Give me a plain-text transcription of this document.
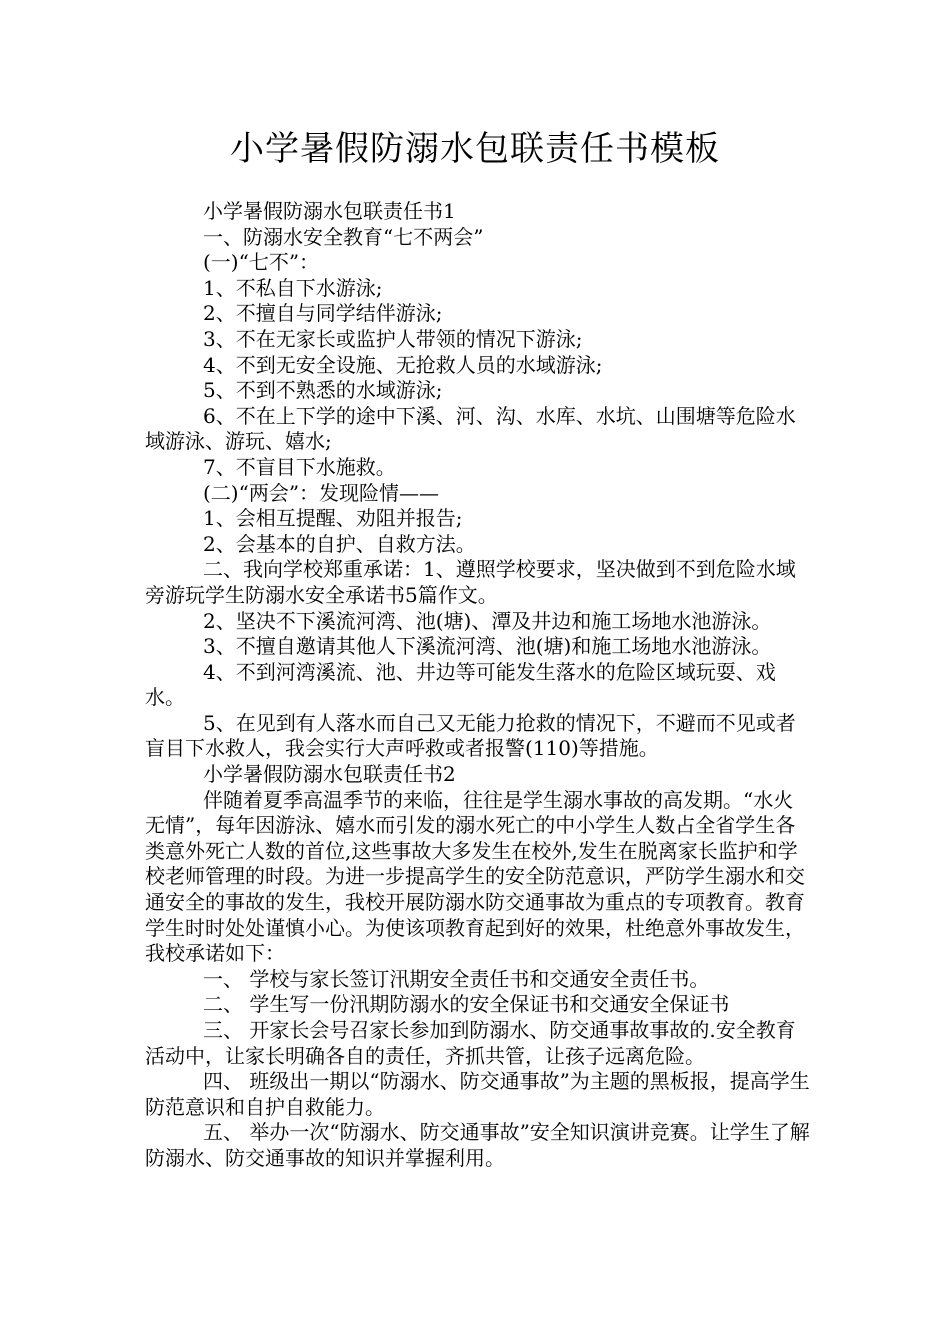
小学暑假防溺水包联责任书模板

小学暑假防溺水包联责任书1

一、防溺水安全教育“七不两会”

(一)“七不”：

1、不私自下水游泳;

2、不擅自与同学结伴游泳;

3、不在无家长或监护人带领的情况下游泳;

4、不到无安全设施、无抢救人员的水域游泳;

5、不到不熟悉的水域游泳;

6、不在上下学的途中下溪、河、沟、水库、水坑、山围塘等危险水域游泳、游玩、嬉水;

7、不盲目下水施救。

(二)“两会”：发现险情——

1、会相互提醒、劝阻并报告;

2、会基本的自护、自救方法。

二、我向学校郑重承诺：1、遵照学校要求，坚决做到不到危险水域旁游玩学生防溺水安全承诺书5篇作文。

2、坚决不下溪流河湾、池(塘)、潭及井边和施工场地水池游泳。

3、不擅自邀请其他人下溪流河湾、池(塘)和施工场地水池游泳。

4、不到河湾溪流、池、井边等可能发生落水的危险区域玩耍、戏水。

5、在见到有人落水而自己又无能力抢救的情况下，不避而不见或者盲目下水救人，我会实行大声呼救或者报警(110)等措施。

小学暑假防溺水包联责任书2

伴随着夏季高温季节的来临，往往是学生溺水事故的高发期。“水火无情”，每年因游泳、嬉水而引发的溺水死亡的中小学生人数占全省学生各类意外死亡人数的首位,这些事故大多发生在校外,发生在脱离家长监护和学校老师管理的时段。为进一步提高学生的安全防范意识，严防学生溺水和交通安全的事故的发生，我校开展防溺水防交通事故为重点的专项教育。教育学生时时处处谨慎小心。为使该项教育起到好的效果，杜绝意外事故发生，我校承诺如下：

一、 学校与家长签订汛期安全责任书和交通安全责任书。

二、 学生写一份汛期防溺水的安全保证书和交通安全保证书

三、 开家长会号召家长参加到防溺水、防交通事故事故的.安全教育活动中，让家长明确各自的责任，齐抓共管，让孩子远离危险。

四、 班级出一期以“防溺水、防交通事故”为主题的黑板报，提高学生防范意识和自护自救能力。

五、 举办一次“防溺水、防交通事故”安全知识演讲竞赛。让学生了解防溺水、防交通事故的知识并掌握利用。
